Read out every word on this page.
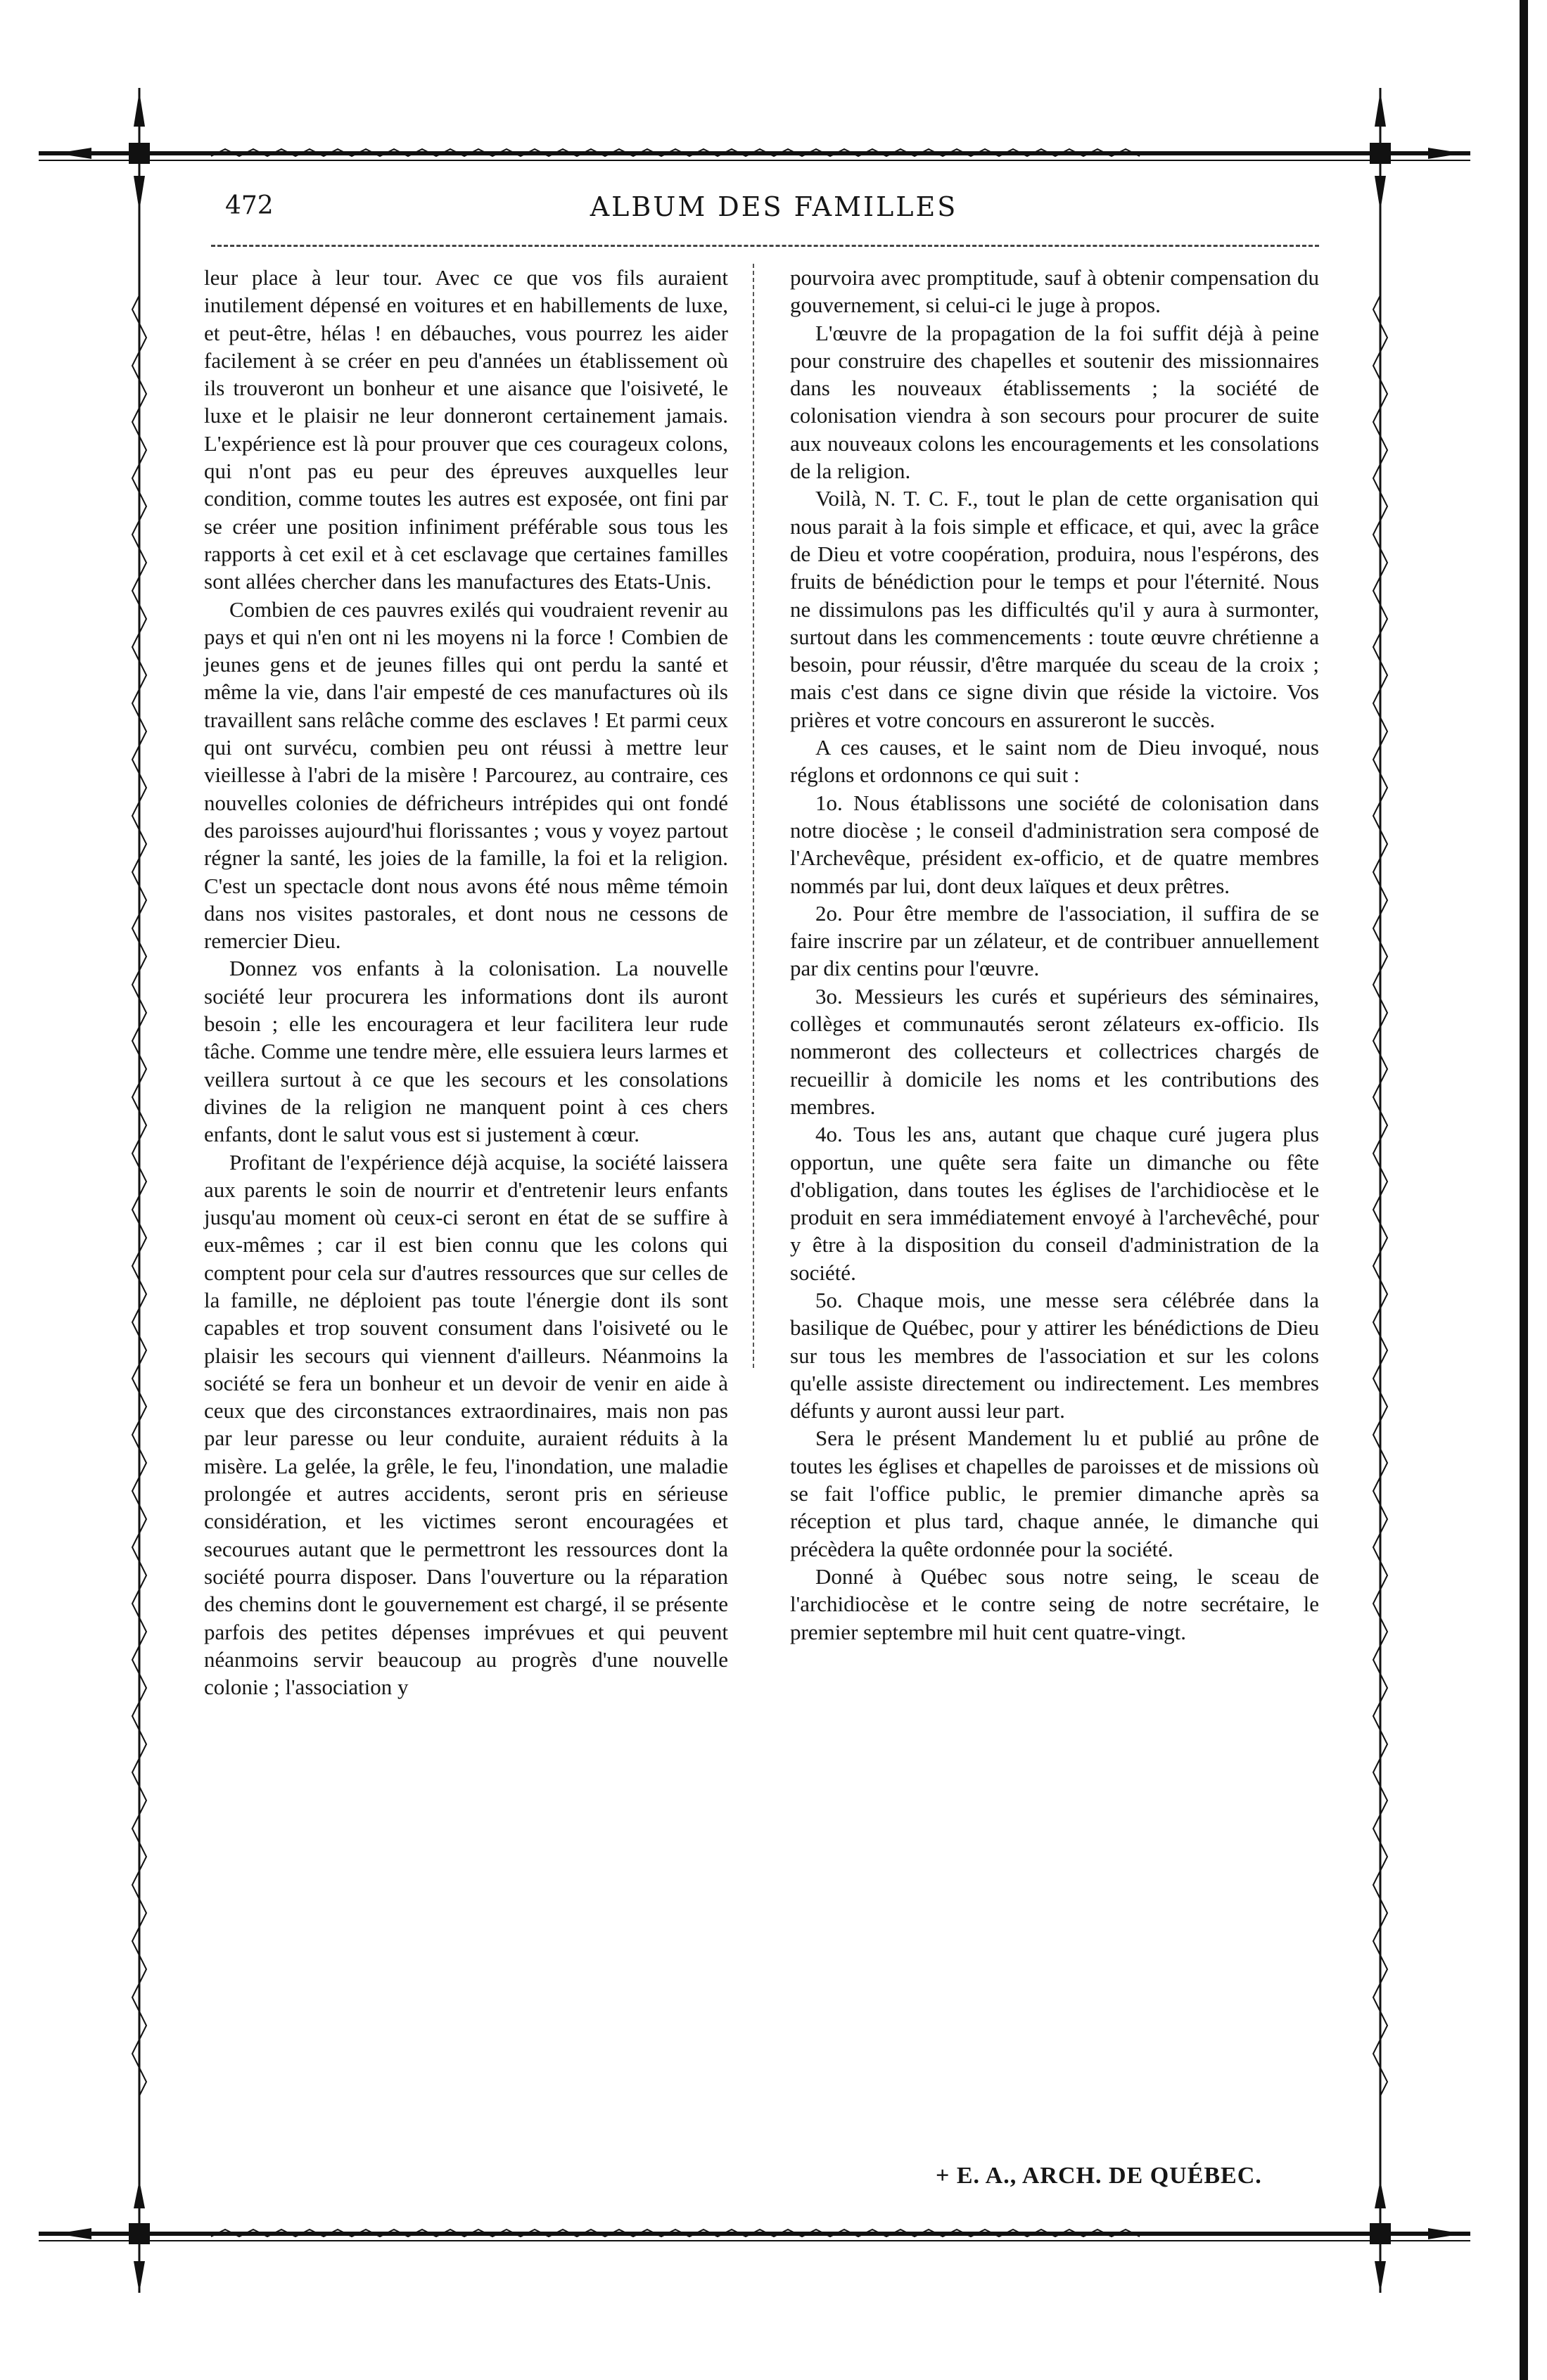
472	ALBUM DES FAMILLES

leur place à leur tour. Avec ce que vos fils auraient inutilement dépensé en voitures et en habillements de luxe, et peut-être, hélas ! en débauches, vous pourrez les aider facilement à se créer en peu d'années un établissement où ils trouveront un bonheur et une aisance que l'oisiveté, le luxe et le plaisir ne leur donneront certainement jamais. L'expérience est là pour prouver que ces courageux colons, qui n'ont pas eu peur des épreuves auxquelles leur condition, comme toutes les autres est exposée, ont fini par se créer une position infiniment préférable sous tous les rapports à cet exil et à cet esclavage que certaines familles sont allées chercher dans les manufactures des Etats-Unis.

Combien de ces pauvres exilés qui voudraient revenir au pays et qui n'en ont ni les moyens ni la force ! Combien de jeunes gens et de jeunes filles qui ont perdu la santé et même la vie, dans l'air empesté de ces manufactures où ils travaillent sans relâche comme des esclaves ! Et parmi ceux qui ont survécu, combien peu ont réussi à mettre leur vieillesse à l'abri de la misère ! Parcourez, au contraire, ces nouvelles colonies de défricheurs intrépides qui ont fondé des paroisses aujourd'hui florissantes ; vous y voyez partout régner la santé, les joies de la famille, la foi et la religion. C'est un spectacle dont nous avons été nous même témoin dans nos visites pastorales, et dont nous ne cessons de remercier Dieu.

Donnez vos enfants à la colonisation. La nouvelle société leur procurera les informations dont ils auront besoin ; elle les encouragera et leur facilitera leur rude tâche. Comme une tendre mère, elle essuiera leurs larmes et veillera surtout à ce que les secours et les consolations divines de la religion ne manquent point à ces chers enfants, dont le salut vous est si justement à cœur.

Profitant de l'expérience déjà acquise, la société laissera aux parents le soin de nourrir et d'entretenir leurs enfants jusqu'au moment où ceux-ci seront en état de se suffire à eux-mêmes ; car il est bien connu que les colons qui comptent pour cela sur d'autres ressources que sur celles de la famille, ne déploient pas toute l'énergie dont ils sont capables et trop souvent consument dans l'oisiveté ou le plaisir les secours qui viennent d'ailleurs. Néanmoins la société se fera un bonheur et un devoir de venir en aide à ceux que des circonstances extraordinaires, mais non pas par leur paresse ou leur conduite, auraient réduits à la misère. La gelée, la grêle, le feu, l'inondation, une maladie prolongée et autres accidents, seront pris en sérieuse considération, et les victimes seront encouragées et secourues autant que le permettront les ressources dont la société pourra disposer. Dans l'ouverture ou la réparation des chemins dont le gouvernement est chargé, il se présente parfois des petites dépenses imprévues et qui peuvent néanmoins servir beaucoup au progrès d'une nouvelle colonie ; l'association y

pourvoira avec promptitude, sauf à obtenir compensation du gouvernement, si celui-ci le juge à propos.

L'œuvre de la propagation de la foi suffit déjà à peine pour construire des chapelles et soutenir des missionnaires dans les nouveaux établissements ; la société de colonisation viendra à son secours pour procurer de suite aux nouveaux colons les encouragements et les consolations de la religion.

Voilà, N. T. C. F., tout le plan de cette organisation qui nous parait à la fois simple et efficace, et qui, avec la grâce de Dieu et votre coopération, produira, nous l'espérons, des fruits de bénédiction pour le temps et pour l'éternité. Nous ne dissimulons pas les difficultés qu'il y aura à surmonter, surtout dans les commencements : toute œuvre chrétienne a besoin, pour réussir, d'être marquée du sceau de la croix ; mais c'est dans ce signe divin que réside la victoire. Vos prières et votre concours en assureront le succès.

A ces causes, et le saint nom de Dieu invoqué, nous réglons et ordonnons ce qui suit :

1o. Nous établissons une société de colonisation dans notre diocèse ; le conseil d'administration sera composé de l'Archevêque, président ex-officio, et de quatre membres nommés par lui, dont deux laïques et deux prêtres.

2o. Pour être membre de l'association, il suffira de se faire inscrire par un zélateur, et de contribuer annuellement par dix centins pour l'œuvre.

3o. Messieurs les curés et supérieurs des séminaires, collèges et communautés seront zélateurs ex-officio. Ils nommeront des collecteurs et collectrices chargés de recueillir à domicile les noms et les contributions des membres.

4o. Tous les ans, autant que chaque curé jugera plus opportun, une quête sera faite un dimanche ou fête d'obligation, dans toutes les églises de l'archidiocèse et le produit en sera immédiatement envoyé à l'archevêché, pour y être à la disposition du conseil d'administration de la société.

5o. Chaque mois, une messe sera célébrée dans la basilique de Québec, pour y attirer les bénédictions de Dieu sur tous les membres de l'association et sur les colons qu'elle assiste directement ou indirectement. Les membres défunts y auront aussi leur part.

Sera le présent Mandement lu et publié au prône de toutes les églises et chapelles de paroisses et de missions où se fait l'office public, le premier dimanche après sa réception et plus tard, chaque année, le dimanche qui précèdera la quête ordonnée pour la société.

Donné à Québec sous notre seing, le sceau de l'archidiocèse et le contre seing de notre secrétaire, le premier septembre mil huit cent quatre-vingt.

+ E. A., ARCH. DE QUÉBEC.
